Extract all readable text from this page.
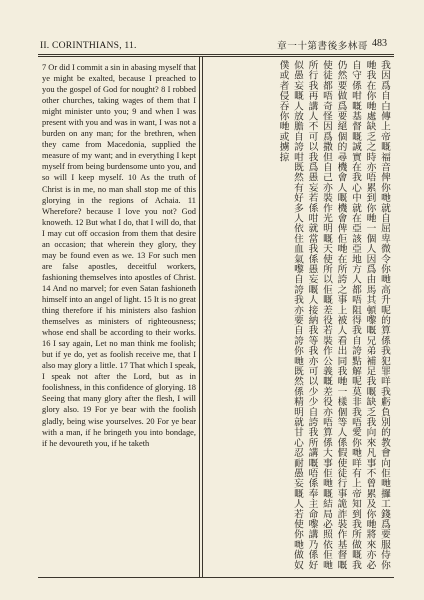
II. CORINTHIANS, 11.	章一十第書後多林哥 483

7 Or did I commit a sin in abasing myself that ye might be exalted, because I preached to you the gospel of God for nought? 8 I robbed other churches, taking wages of them that I might minister unto you; 9 and when I was present with you and was in want, I was not a burden on any man; for the brethren, when they came from Macedonia, supplied the measure of my want; and in everything I kept myself from being burdensome unto you, and so will I keep myself. 10 As the truth of Christ is in me, no man shall stop me of this glorying in the regions of Achaia. 11 Wherefore? because I love you not? God knoweth. 12 But what I do, that I will do, that I may cut off occasion from them that desire an occasion; that wherein they glory, they may be found even as we. 13 For such men are false apostles, deceitful workers, fashioning themselves into apostles of Christ. 14 And no marvel; for even Satan fashioneth himself into an angel of light. 15 It is no great thing therefore if his ministers also fashion themselves as ministers of righteousness; whose end shall be according to their works. 16 I say again, Let no man think me foolish; but if ye do, yet as foolish receive me, that I also may glory a little. 17 That which I speak, I speak not after the Lord, but as in foolishness, in this confidence of glorying. 18 Seeing that many glory after the flesh, I will glory also. 19 For ye bear with the foolish gladly, being wise yourselves. 20 For ye bear with a man, if he bringeth you into bondage, if he devoureth you, if he taketh	我因爲自白傳上帝嘅福音俾你哋就自屈卑微令你哋高升呢的算係我犯罪咩我虧負別的教會向佢哋攞工錢爲要服侍你哋我在你哋處缺乏之時亦唔累到你哋一個人因爲由馬其頓嚟嘅兄弟補足我嘅缺乏我向來凡事不曾累及你哋將來亦必自守係咁嘅基督嘅誠實在我心中就在亞該亞地方人都唔阻得我自誇點解呢莫非我唔愛你哋咩有上帝知到我所做嘅我仍然要做爲要絕個的尋機會人嘅機會俾佢哋在所誇之事上被人看出同我哋一樣個等人係假使徒行事詭詐裝作基督嘅使徒都唔奇怪因爲撒但自己亦裝作光明嘅天使所以佢嘅差役若裝作公義嘅差役亦唔算係大事佢哋嘅結局必照依佢哋所行我再講人不可以我爲愚妄若係咁就當我係愚妄嘅人接納我等我亦可以少少自誇我所講嘅唔係奉主命嚟講乃係好似愚妄嘅人放膽自誇咁既然有好多人依住血氣嚟自誇我亦要自誇你哋既然係精明就甘心忍耐愚妄嘅人若使你哋做奴僕或者侵吞你哋或擄掠
